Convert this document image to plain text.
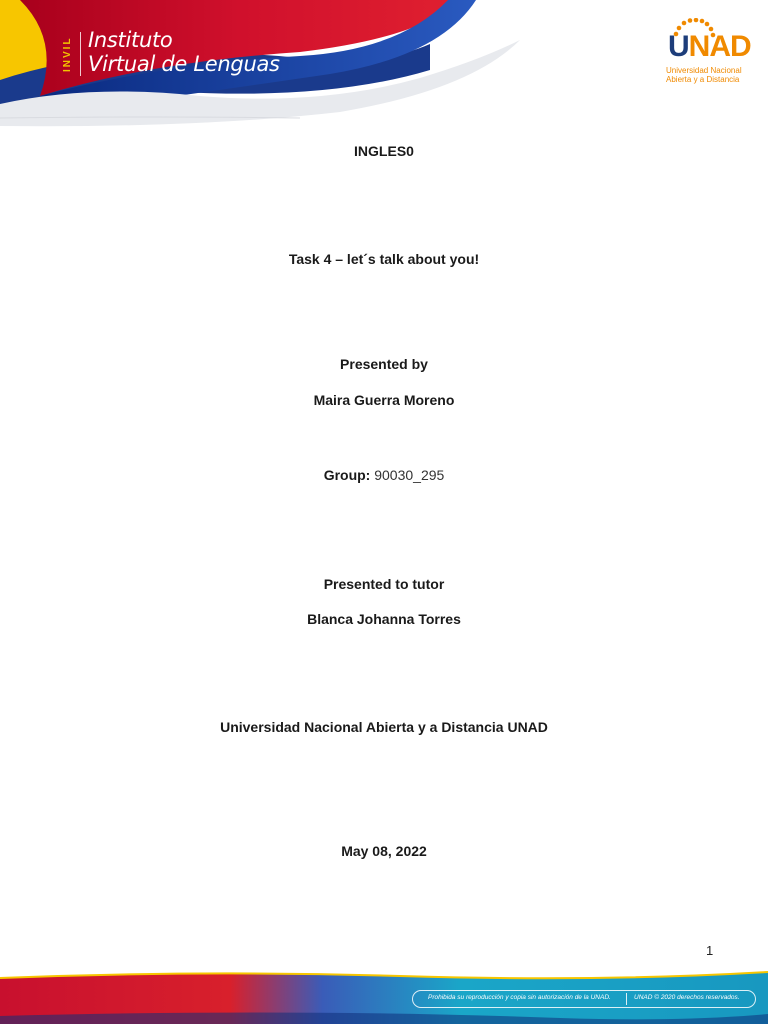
INVIL Instituto
Virtual de Lenguas
UNAD
Universidad Nacional
Abierta y a Distancia
INGLES0
Task 4 – let´s talk about you!
Presented by
Maira Guerra Moreno
Group: 90030_295
Presented to tutor
Blanca Johanna Torres
Universidad Nacional Abierta y a Distancia UNAD
May 08, 2022
1
Prohibida su reproducción y copia sin autorización de la UNAD.	UNAD © 2020 derechos reservados.
